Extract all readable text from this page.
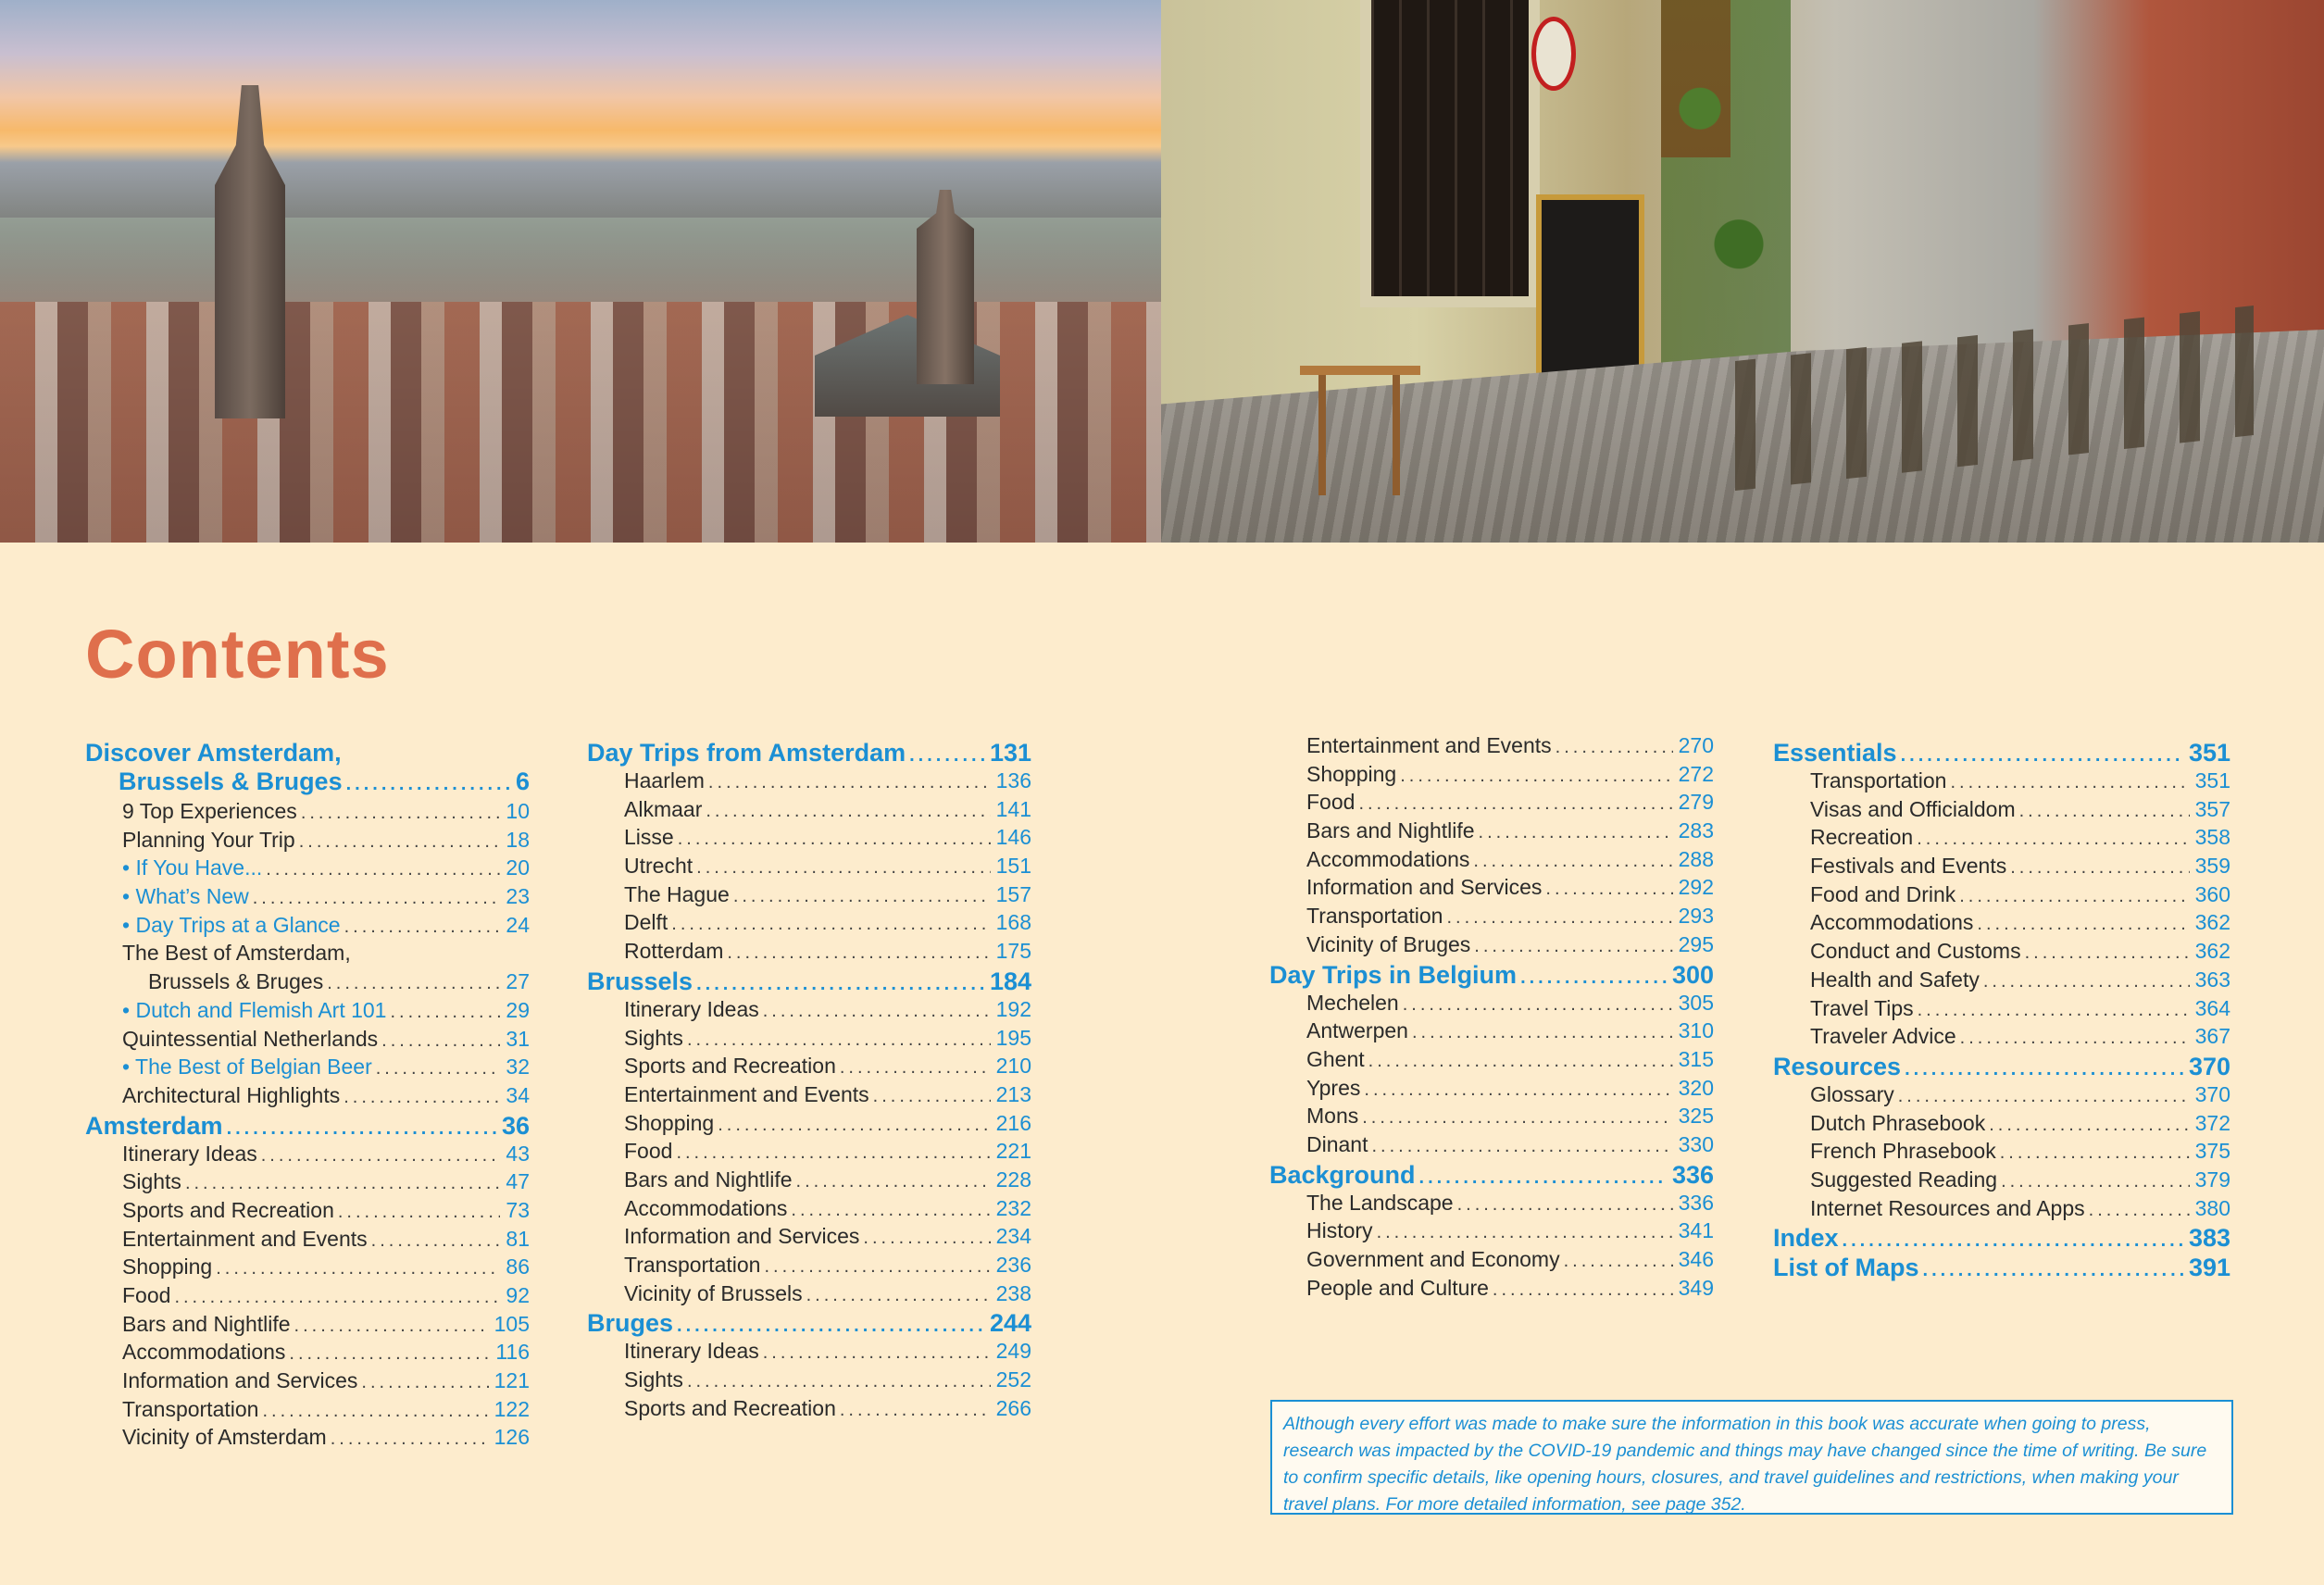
Contents
Discover Amsterdam,
Brussels & Bruges .....	6
9 Top Experiences .....	10
Planning Your Trip .....	18
• If You Have... .....	20
• What’s New .....	23
• Day Trips at a Glance .....	24
The Best of Amsterdam,
Brussels & Bruges .....	27
• Dutch and Flemish Art 101 .....	29
Quintessential Netherlands .....	31
• The Best of Belgian Beer .....	32
Architectural Highlights .....	34
Amsterdam .....	36
Itinerary Ideas .....	43
Sights .....	47
Sports and Recreation .....	73
Entertainment and Events .....	81
Shopping .....	86
Food .....	92
Bars and Nightlife .....	105
Accommodations .....	116
Information and Services .....	121
Transportation .....	122
Vicinity of Amsterdam .....	126
Day Trips from Amsterdam .....	131
Haarlem .....	136
Alkmaar .....	141
Lisse .....	146
Utrecht .....	151
The Hague .....	157
Delft .....	168
Rotterdam .....	175
Brussels .....	184
Itinerary Ideas .....	192
Sights .....	195
Sports and Recreation .....	210
Entertainment and Events .....	213
Shopping .....	216
Food .....	221
Bars and Nightlife .....	228
Accommodations .....	232
Information and Services .....	234
Transportation .....	236
Vicinity of Brussels .....	238
Bruges .....	244
Itinerary Ideas .....	249
Sights .....	252
Sports and Recreation .....	266
Entertainment and Events .....	270
Shopping .....	272
Food .....	279
Bars and Nightlife .....	283
Accommodations .....	288
Information and Services .....	292
Transportation .....	293
Vicinity of Bruges .....	295
Day Trips in Belgium .....	300
Mechelen .....	305
Antwerpen .....	310
Ghent .....	315
Ypres .....	320
Mons .....	325
Dinant .....	330
Background .....	336
The Landscape .....	336
History .....	341
Government and Economy .....	346
People and Culture .....	349
Essentials .....	351
Transportation .....	351
Visas and Officialdom .....	357
Recreation .....	358
Festivals and Events .....	359
Food and Drink .....	360
Accommodations .....	362
Conduct and Customs .....	362
Health and Safety .....	363
Travel Tips .....	364
Traveler Advice .....	367
Resources .....	370
Glossary .....	370
Dutch Phrasebook .....	372
French Phrasebook .....	375
Suggested Reading .....	379
Internet Resources and Apps .....	380
Index .....	383
List of Maps .....	391
Although every effort was made to make sure the information in this book was accurate when going to press, research was impacted by the COVID-19 pandemic and things may have changed since the time of writing. Be sure to confirm specific details, like opening hours, closures, and travel guidelines and restrictions, when making your travel plans. For more detailed information, see page 352.
